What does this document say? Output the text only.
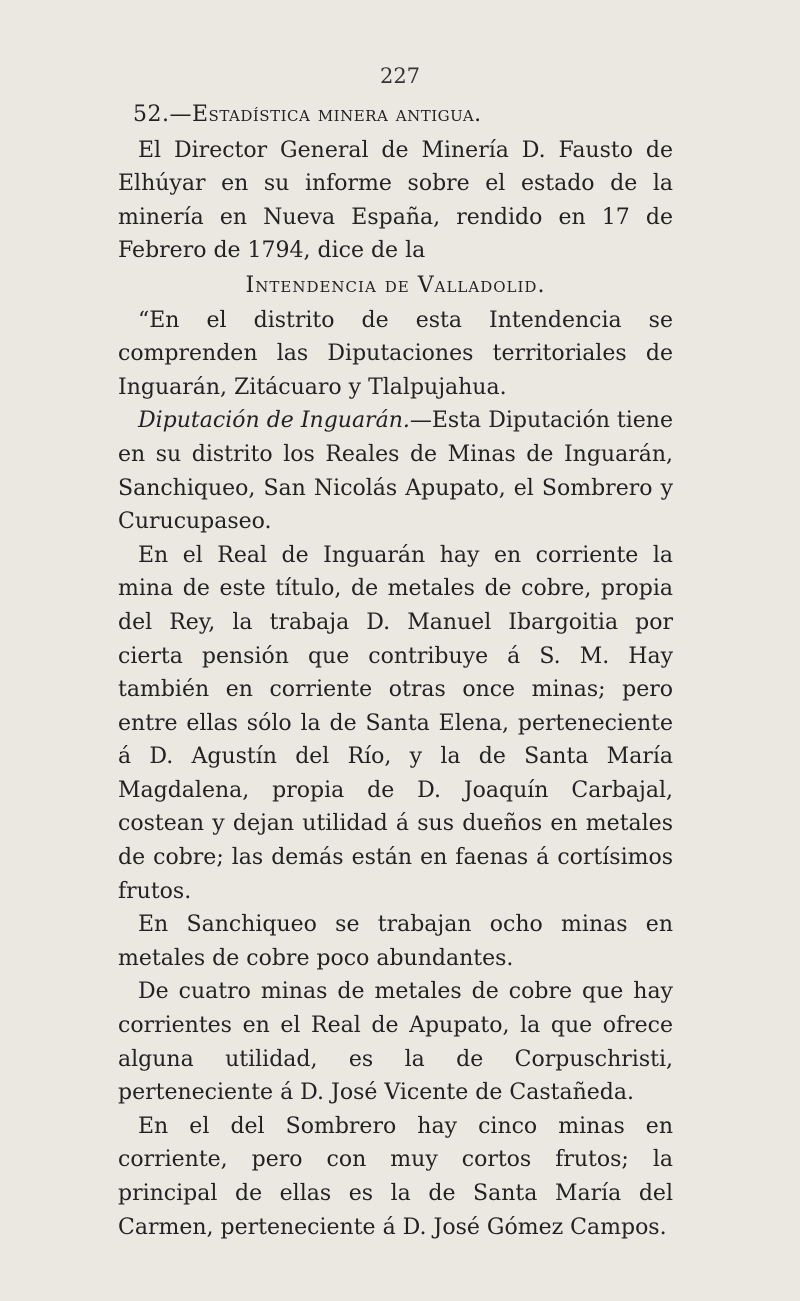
227
52.—Estadística minera antigua.

El Director General de Minería D. Fausto de Elhúyar en su informe sobre el estado de la minería en Nueva España, rendido en 17 de Febrero de 1794, dice de la

Intendencia de Valladolid.

“En el distrito de esta Intendencia se comprenden las Diputaciones territoriales de Inguarán, Zitácuaro y Tlalpujahua.

Diputación de Inguarán.—Esta Diputación tiene en su distrito los Reales de Minas de Inguarán, Sanchiqueo, San Nicolás Apupato, el Sombrero y Curucupaseo.

En el Real de Inguarán hay en corriente la mina de este título, de metales de cobre, propia del Rey, la trabaja D. Manuel Ibargoitia por cierta pensión que contribuye á S. M. Hay también en corriente otras once minas; pero entre ellas sólo la de Santa Elena, perteneciente á D. Agustín del Río, y la de Santa María Magdalena, propia de D. Joaquín Carbajal, costean y dejan utilidad á sus dueños en metales de cobre; las demás están en faenas á cortísimos frutos.

En Sanchiqueo se trabajan ocho minas en metales de cobre poco abundantes.

De cuatro minas de metales de cobre que hay corrientes en el Real de Apupato, la que ofrece alguna utilidad, es la de Corpuschristi, perteneciente á D. José Vicente de Castañeda.

En el del Sombrero hay cinco minas en corriente, pero con muy cortos frutos; la principal de ellas es la de Santa María del Carmen, perteneciente á D. José Gómez Campos.
